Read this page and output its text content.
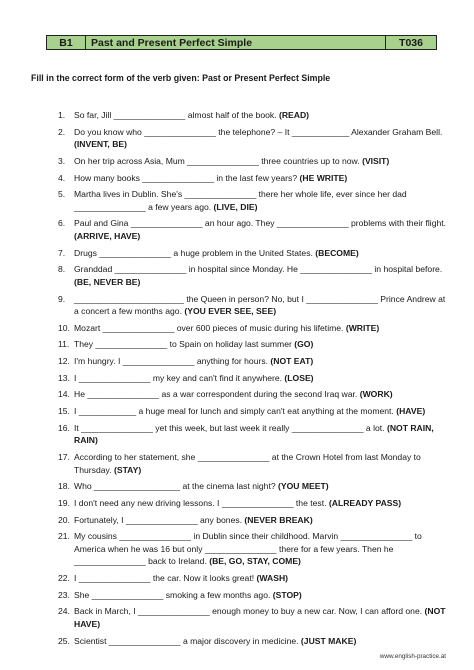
B1	Past and Present Perfect Simple	T036
Fill in the correct form of the verb given: Past or Present Perfect Simple
1. So far, Jill _______________ almost half of the book. (READ)
2. Do you know who _______________ the telephone? – It ____________ Alexander Graham Bell. (INVENT, BE)
3. On her trip across Asia, Mum _______________ three countries up to now. (VISIT)
4. How many books _______________ in the last few years? (HE WRITE)
5. Martha lives in Dublin. She's _______________ there her whole life, ever since her dad _______________ a few years ago. (LIVE, DIE)
6. Paul and Gina _______________ an hour ago. They _______________ problems with their flight. (ARRIVE, HAVE)
7. Drugs _______________ a huge problem in the United States. (BECOME)
8. Granddad _______________ in hospital since Monday. He _______________ in hospital before. (BE, NEVER BE)
9. _______________________ the Queen in person? No, but I _______________ Prince Andrew at a concert a few months ago. (YOU EVER SEE, SEE)
10. Mozart _______________ over 600 pieces of music during his lifetime. (WRITE)
11. They _______________ to Spain on holiday last summer (GO)
12. I'm hungry. I _______________ anything for hours. (NOT EAT)
13. I _______________ my key and can't find it anywhere. (LOSE)
14. He _______________ as a war correspondent during the second Iraq war. (WORK)
15. I ____________ a huge meal for lunch and simply can't eat anything at the moment. (HAVE)
16. It _______________ yet this week, but last week it really _______________ a lot. (NOT RAIN, RAIN)
17. According to her statement, she _______________ at the Crown Hotel from last Monday to Thursday. (STAY)
18. Who __________________ at the cinema last night? (YOU MEET)
19. I don't need any new driving lessons. I _______________ the test. (ALREADY PASS)
20. Fortunately, I _______________ any bones. (NEVER BREAK)
21. My cousins _______________ in Dublin since their childhood. Marvin _______________ to America when he was 16 but only _______________ there for a few years. Then he _______________ back to Ireland. (BE, GO, STAY, COME)
22. I _______________ the car. Now it looks great! (WASH)
23. She _______________ smoking a few months ago. (STOP)
24. Back in March, I _______________ enough money to buy a new car. Now, I can afford one. (NOT HAVE)
25. Scientist _______________ a major discovery in medicine. (JUST MAKE)
www.english-practice.at
